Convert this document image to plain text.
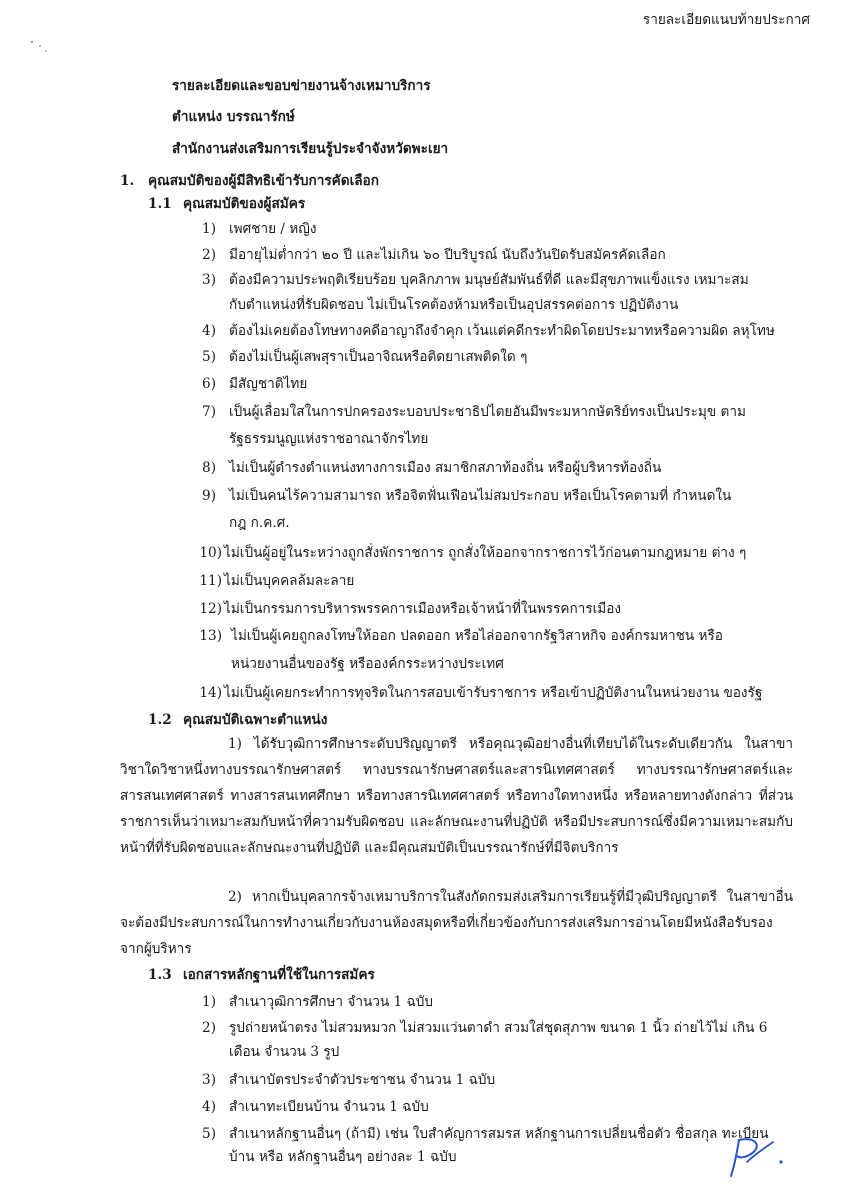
รายละเอียดแนบท้ายประกาศ
รายละเอียดและขอบข่ายงานจ้างเหมาบริการ
ตำแหน่ง บรรณารักษ์
สำนักงานส่งเสริมการเรียนรู้ประจำจังหวัดพะเยา
1. คุณสมบัติของผู้มีสิทธิเข้ารับการคัดเลือก
1.1 คุณสมบัติของผู้สมัคร
1) เพศชาย / หญิง
2) มีอายุไม่ต่ำกว่า ๒๐ ปี และไม่เกิน ๖๐ ปีบริบูรณ์ นับถึงวันปิดรับสมัครคัดเลือก
3) ต้องมีความประพฤติเรียบร้อย บุคลิกภาพ มนุษย์สัมพันธ์ที่ดี และมีสุขภาพแข็งแรง เหมาะสม
กับตำแหน่งที่รับผิดชอบ ไม่เป็นโรคต้องห้ามหรือเป็นอุปสรรคต่อการ ปฏิบัติงาน
4) ต้องไม่เคยต้องโทษทางคดีอาญาถึงจำคุก เว้นแต่คดีกระทำผิดโดยประมาทหรือความผิด ลหุโทษ
5) ต้องไม่เป็นผู้เสพสุราเป็นอาจิณหรือติดยาเสพติดใด ๆ
6) มีสัญชาติไทย
7) เป็นผู้เลื่อมใสในการปกครองระบอบประชาธิปไตยอันมีพระมหากษัตริย์ทรงเป็นประมุข ตาม
รัฐธรรมนูญแห่งราชอาณาจักรไทย
8) ไม่เป็นผู้ดำรงตำแหน่งทางการเมือง สมาชิกสภาท้องถิ่น หรือผู้บริหารท้องถิ่น
9) ไม่เป็นคนไร้ความสามารถ หรือจิตฟั่นเฟือนไม่สมประกอบ หรือเป็นโรคตามที่ กำหนดใน
กฎ ก.ค.ศ.
10) ไม่เป็นผู้อยู่ในระหว่างถูกสั่งพักราชการ ถูกสั่งให้ออกจากราชการไว้ก่อนตามกฎหมาย ต่าง ๆ
11) ไม่เป็นบุคคลล้มละลาย
12) ไม่เป็นกรรมการบริหารพรรคการเมืองหรือเจ้าหน้าที่ในพรรคการเมือง
13) ไม่เป็นผู้เคยถูกลงโทษให้ออก ปลดออก หรือไล่ออกจากรัฐวิสาหกิจ องค์กรมหาชน หรือ
หน่วยงานอื่นของรัฐ หรือองค์กรระหว่างประเทศ
14) ไม่เป็นผู้เคยกระทำการทุจริตในการสอบเข้ารับราชการ หรือเข้าปฏิบัติงานในหน่วยงาน ของรัฐ
1.2 คุณสมบัติเฉพาะตำแหน่ง
1) ได้รับวุฒิการศึกษาระดับปริญญาตรี หรือคุณวุฒิอย่างอื่นที่เทียบได้ในระดับเดียวกัน ในสาขาวิชาใดวิชาหนึ่งทางบรรณารักษศาสตร์ ทางบรรณารักษศาสตร์และสารนิเทศศาสตร์ ทางบรรณารักษศาสตร์และสารสนเทศศาสตร์ ทางสารสนเทศศึกษา หรือทางสารนิเทศศาสตร์ หรือทางใดทางหนึ่ง หรือหลายทางดังกล่าว ที่ส่วนราชการเห็นว่าเหมาะสมกับหน้าที่ความรับผิดชอบ และลักษณะงานที่ปฏิบัติ หรือมีประสบการณ์ซึ่งมีความเหมาะสมกับหน้าที่ที่รับผิดชอบและลักษณะงานที่ปฏิบัติ และมีคุณสมบัติเป็นบรรณารักษ์ที่มีจิตบริการ
2) หากเป็นบุคลากรจ้างเหมาบริการในสังกัดกรมส่งเสริมการเรียนรู้ที่มีวุฒิปริญญาตรี ในสาขาอื่นจะต้องมีประสบการณ์ในการทำงานเกี่ยวกับงานห้องสมุดหรือที่เกี่ยวข้องกับการส่งเสริมการอ่านโดยมีหนังสือรับรองจากผู้บริหาร
1.3 เอกสารหลักฐานที่ใช้ในการสมัคร
1) สำเนาวุฒิการศึกษา จำนวน 1 ฉบับ
2) รูปถ่ายหน้าตรง ไม่สวมหมวก ไม่สวมแว่นตาดำ สวมใส่ชุดสุภาพ ขนาด 1 นิ้ว ถ่ายไว้ไม่ เกิน 6
เดือน จำนวน 3 รูป
3) สำเนาบัตรประจำตัวประชาชน จำนวน 1 ฉบับ
4) สำเนาทะเบียนบ้าน จำนวน 1 ฉบับ
5) สำเนาหลักฐานอื่นๆ (ถ้ามี) เช่น ใบสำคัญการสมรส หลักฐานการเปลี่ยนชื่อตัว ชื่อสกุล ทะเบียน
บ้าน หรือ หลักฐานอื่นๆ อย่างละ 1 ฉบับ
